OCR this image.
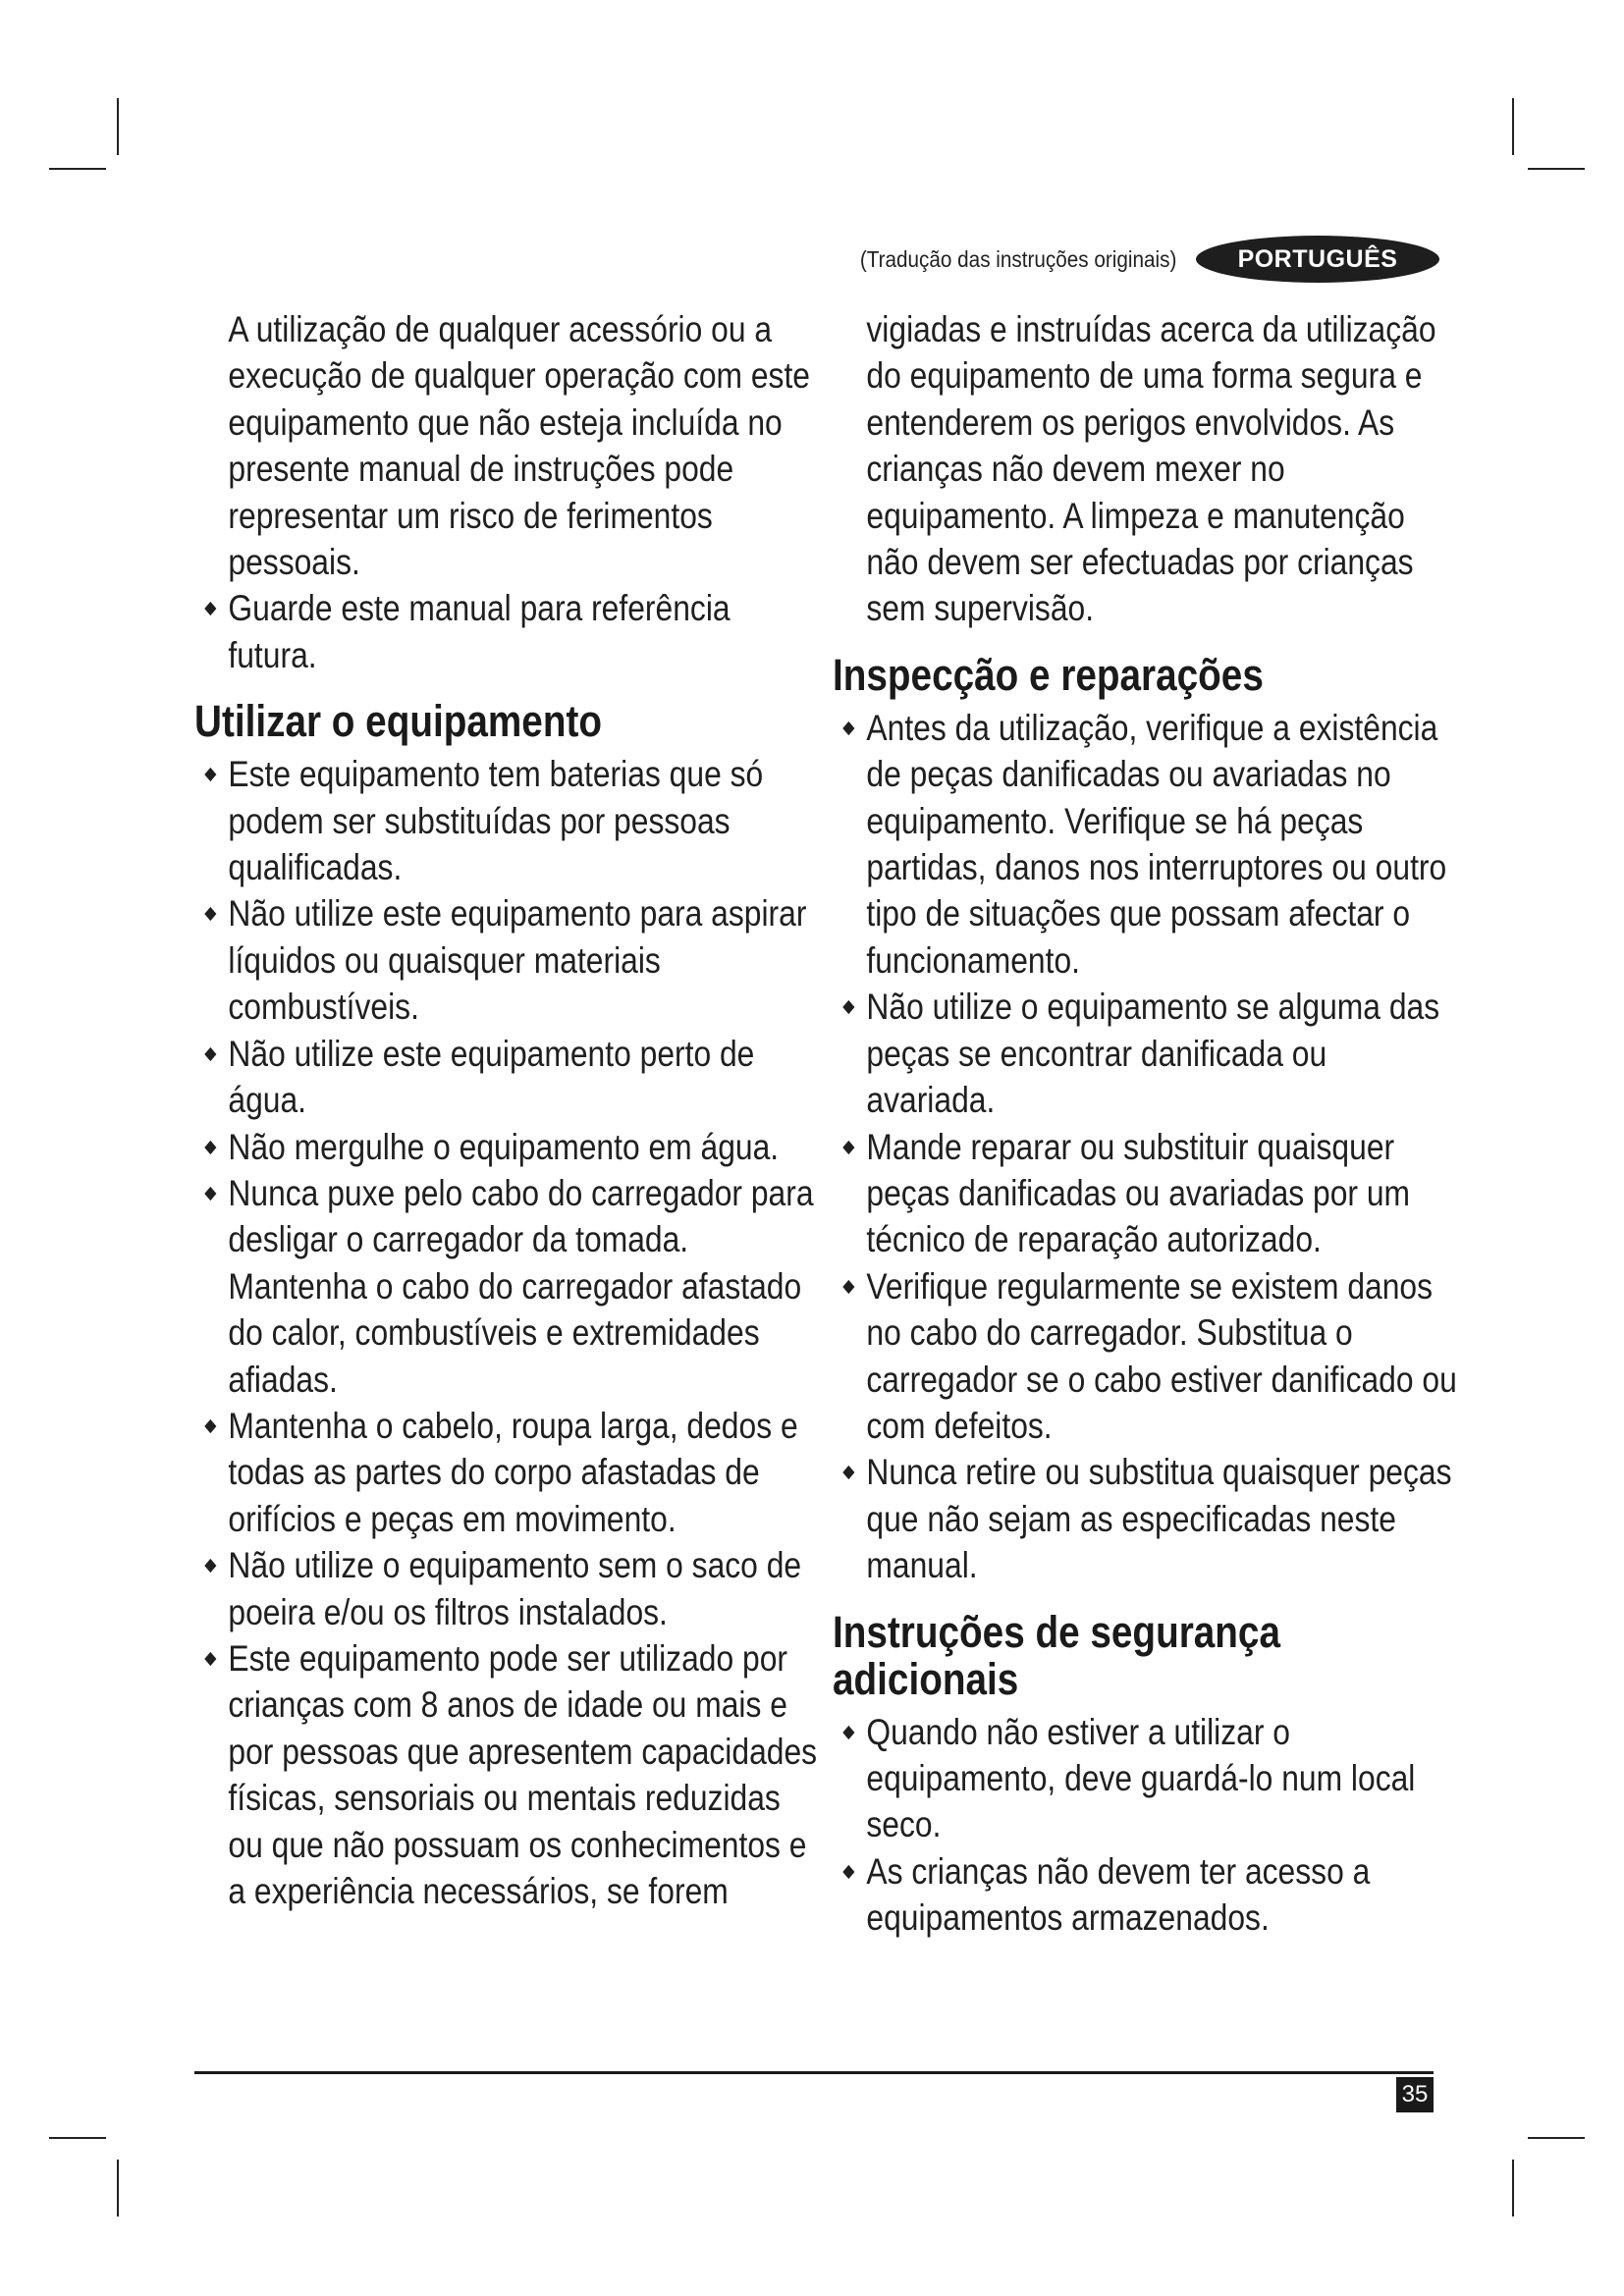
(Tradução das instruções originais)	PORTUGUÊS

A utilização de qualquer acessório ou a execução de qualquer operação com este equipamento que não esteja incluída no presente manual de instruções pode representar um risco de ferimentos pessoais.

Guarde este manual para referência futura.

Utilizar o equipamento

Este equipamento tem baterias que só podem ser substituídas por pessoas qualificadas.

Não utilize este equipamento para aspirar líquidos ou quaisquer materiais combustíveis.

Não utilize este equipamento perto de água.

Não mergulhe o equipamento em água.

Nunca puxe pelo cabo do carregador para desligar o carregador da tomada. Mantenha o cabo do carregador afastado do calor, combustíveis e extremidades afiadas.

Mantenha o cabelo, roupa larga, dedos e todas as partes do corpo afastadas de orifícios e peças em movimento.

Não utilize o equipamento sem o saco de poeira e/ou os filtros instalados.

Este equipamento pode ser utilizado por crianças com 8 anos de idade ou mais e por pessoas que apresentem capacidades físicas, sensoriais ou mentais reduzidas ou que não possuam os conhecimentos e a experiência necessários, se forem

vigiadas e instruídas acerca da utilização do equipamento de uma forma segura e entenderem os perigos envolvidos. As crianças não devem mexer no equipamento. A limpeza e manutenção não devem ser efectuadas por crianças sem supervisão.

Inspecção e reparações

Antes da utilização, verifique a existência de peças danificadas ou avariadas no equipamento. Verifique se há peças partidas, danos nos interruptores ou outro tipo de situações que possam afectar o funcionamento.

Não utilize o equipamento se alguma das peças se encontrar danificada ou avariada.

Mande reparar ou substituir quaisquer peças danificadas ou avariadas por um técnico de reparação autorizado.

Verifique regularmente se existem danos no cabo do carregador. Substitua o carregador se o cabo estiver danificado ou com defeitos.

Nunca retire ou substitua quaisquer peças que não sejam as especificadas neste manual.

Instruções de segurança adicionais

Quando não estiver a utilizar o equipamento, deve guardá-lo num local seco.

As crianças não devem ter acesso a equipamentos armazenados.

35
